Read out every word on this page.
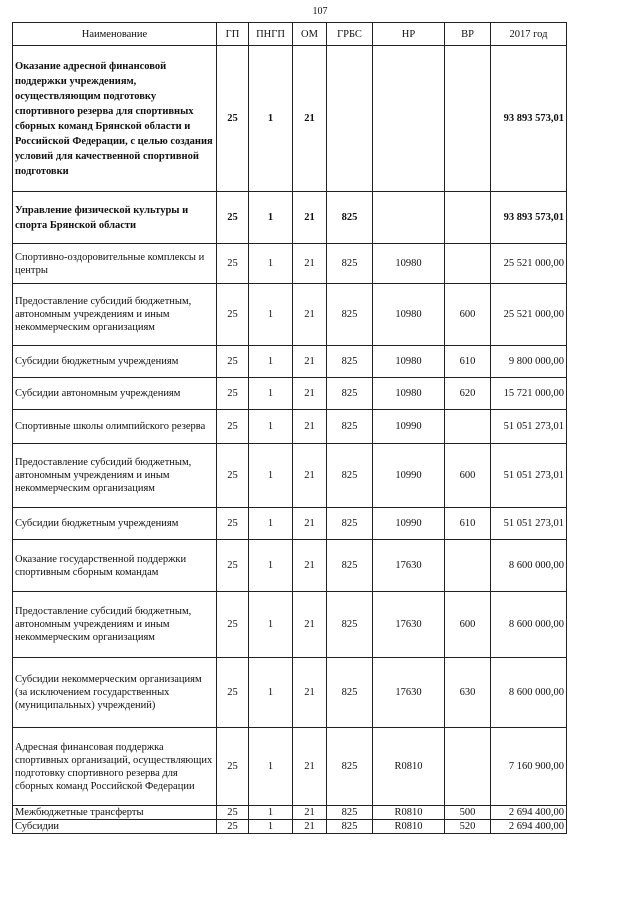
107
Наименование	ГП	ПНГП	ОМ	ГРБС	НР	ВР	2017 год
Оказание адресной финансовой поддержки учреждениям, осуществляющим подготовку спортивного резерва для спортивных сборных команд Брянской области и Российской Федерации, с целью создания условий для качественной спортивной подготовки	25	1	21				93 893 573,01
Управление физической культуры и спорта Брянской области	25	1	21	825			93 893 573,01
Спортивно-оздоровительные комплексы и центры	25	1	21	825	10980		25 521 000,00
Предоставление субсидий бюджетным, автономным учреждениям и иным некоммерческим организациям	25	1	21	825	10980	600	25 521 000,00
Субсидии бюджетным учреждениям	25	1	21	825	10980	610	9 800 000,00
Субсидии автономным учреждениям	25	1	21	825	10980	620	15 721 000,00
Спортивные школы олимпийского резерва	25	1	21	825	10990		51 051 273,01
Предоставление субсидий бюджетным, автономным учреждениям и иным некоммерческим организациям	25	1	21	825	10990	600	51 051 273,01
Субсидии бюджетным учреждениям	25	1	21	825	10990	610	51 051 273,01
Оказание государственной поддержки спортивным сборным командам	25	1	21	825	17630		8 600 000,00
Предоставление субсидий бюджетным, автономным учреждениям и иным некоммерческим организациям	25	1	21	825	17630	600	8 600 000,00
Субсидии некоммерческим организациям (за исключением государственных (муниципальных) учреждений)	25	1	21	825	17630	630	8 600 000,00
Адресная финансовая поддержка спортивных организаций, осуществляющих подготовку спортивного резерва для сборных команд Российской Федерации	25	1	21	825	R0810		7 160 900,00
Межбюджетные трансферты	25	1	21	825	R0810	500	2 694 400,00
Субсидии	25	1	21	825	R0810	520	2 694 400,00
